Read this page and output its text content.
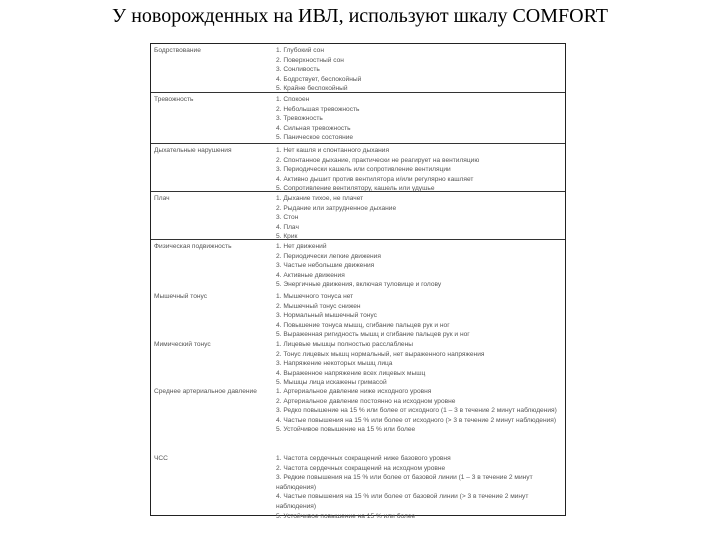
У новорожденных на ИВЛ, используют шкалу COMFORT
Бодрствование	1. Глубокий сон
2. Поверхностный сон
3. Сонливость
4. Бодрствует, беспокойный
5. Крайне беспокойный
Тревожность	1. Спокоен
2. Небольшая тревожность
3. Тревожность
4. Сильная тревожность
5. Паническое состояние
Дыхательные нарушения	1. Нет кашля и спонтанного дыхания
2. Спонтанное дыхание, практически не реагирует на вентиляцию
3. Периодически кашель или сопротивление вентиляции
4. Активно дышит против вентилятора и/или регулярно кашляет
5. Сопротивление вентилятору, кашель или удушье
Плач	1. Дыхание тихое, не плачет
2. Рыдание или затрудненное дыхание
3. Стон
4. Плач
5. Крик
Физическая подвижность	1. Нет движений
2. Периодически легкие движения
3. Частые небольшие движения
4. Активные движения
5. Энергичные движения, включая туловище и голову
Мышечный тонус	1. Мышечного тонуса нет
2. Мышечный тонус снижен
3. Нормальный мышечный тонус
4. Повышение тонуса мышц, сгибание пальцев рук и ног
5. Выраженная ригидность мышц и сгибание пальцев рук и ног
Мимический тонус	1. Лицевые мышцы полностью расслаблены
2. Тонус лицевых мышц нормальный, нет выраженного напряжения
3. Напряжение некоторых мышц лица
4. Выраженное напряжение всех лицевых мышц
5. Мышцы лица искажены гримасой
Среднее артериальное давление	1. Артериальное давление ниже исходного уровня
2. Артериальное давление постоянно на исходном уровне
3. Редко повышение на 15 % или более от исходного (1 – 3 в течение 2 минут наблюдения)
4. Частые повышения на 15 % или более от исходного (> 3 в течение 2 минут наблюдения)
5. Устойчивое повышение на 15 % или более
ЧСС	1. Частота сердечных сокращений ниже базового уровня
2. Частота сердечных сокращений на исходном уровне
3. Редкие повышения на 15 % или более от базовой линии (1 – 3 в течение 2 минут наблюдения)
4. Частые повышения на 15 % или более от базовой линии (> 3 в течение 2 минут наблюдения)
5. Устойчивое повышение на 15 % или более
